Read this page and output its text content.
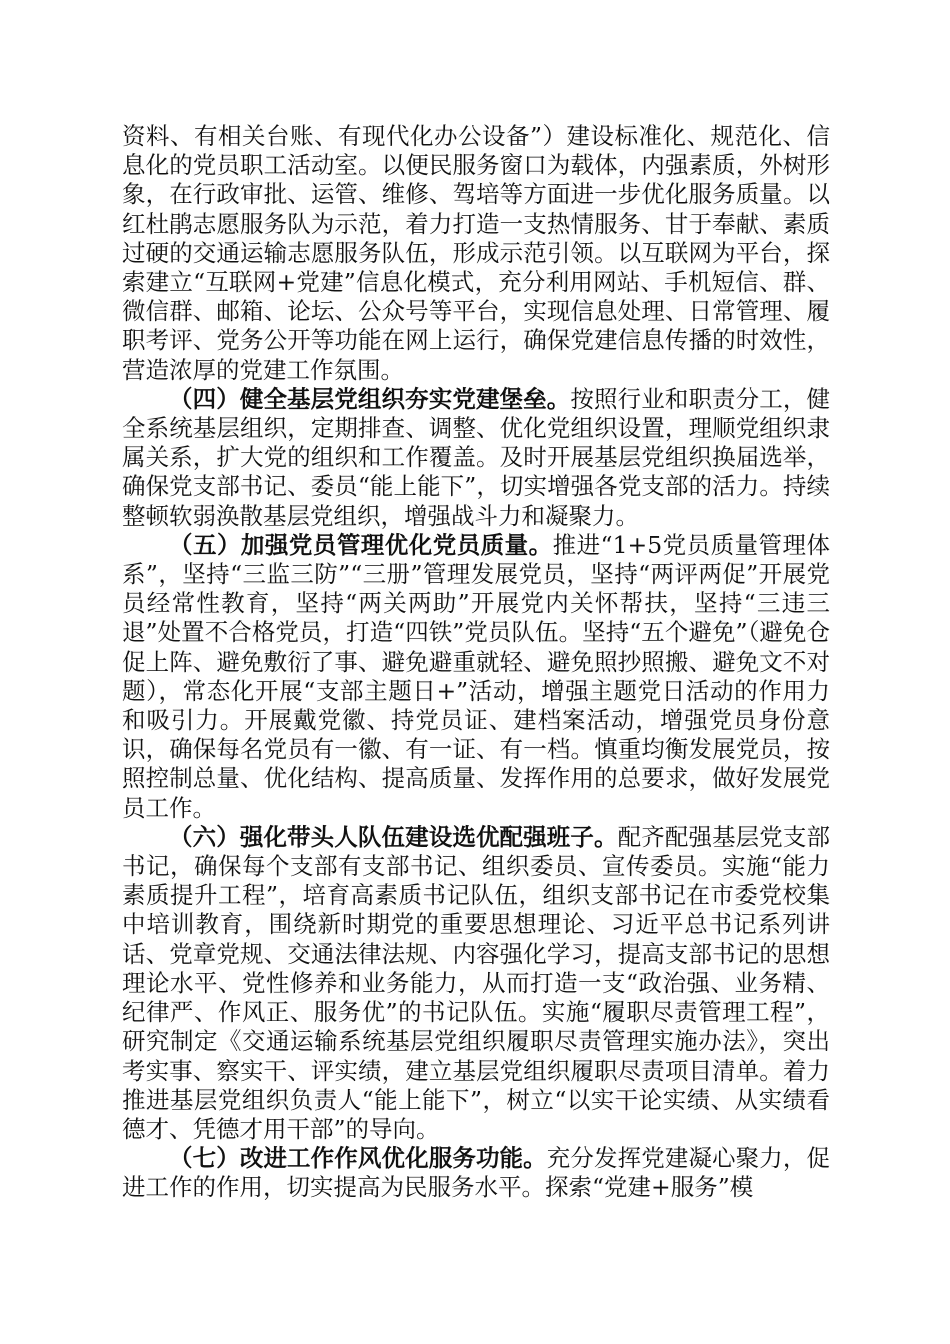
资料、有相关台账、有现代化办公设备”）建设标准化、规范化、信息化的党员职工活动室。以便民服务窗口为载体，内强素质，外树形象，在行政审批、运管、维修、驾培等方面进一步优化服务质量。以红杜鹃志愿服务队为示范，着力打造一支热情服务、甘于奉献、素质过硬的交通运输志愿服务队伍，形成示范引领。以互联网为平台，探索建立“互联网+党建”信息化模式，充分利用网站、手机短信、群、微信群、邮箱、论坛、公众号等平台，实现信息处理、日常管理、履职考评、党务公开等功能在网上运行，确保党建信息传播的时效性，营造浓厚的党建工作氛围。

（四）健全基层党组织夯实党建堡垒。按照行业和职责分工，健全系统基层组织，定期排查、调整、优化党组织设置，理顺党组织隶属关系，扩大党的组织和工作覆盖。及时开展基层党组织换届选举，确保党支部书记、委员“能上能下”，切实增强各党支部的活力。持续整顿软弱涣散基层党组织，增强战斗力和凝聚力。

（五）加强党员管理优化党员质量。推进“1+5党员质量管理体系”，坚持“三监三防”“三册”管理发展党员，坚持“两评两促”开展党员经常性教育，坚持“两关两助”开展党内关怀帮扶，坚持“三违三退”处置不合格党员，打造“四铁”党员队伍。坚持“五个避免”（避免仓促上阵、避免敷衍了事、避免避重就轻、避免照抄照搬、避免文不对题），常态化开展“支部主题日+”活动，增强主题党日活动的作用力和吸引力。开展戴党徽、持党员证、建档案活动，增强党员身份意识，确保每名党员有一徽、有一证、有一档。慎重均衡发展党员，按照控制总量、优化结构、提高质量、发挥作用的总要求，做好发展党员工作。

（六）强化带头人队伍建设选优配强班子。配齐配强基层党支部书记，确保每个支部有支部书记、组织委员、宣传委员。实施“能力素质提升工程”，培育高素质书记队伍，组织支部书记在市委党校集中培训教育，围绕新时期党的重要思想理论、习近平总书记系列讲话、党章党规、交通法律法规、内容强化学习，提高支部书记的思想理论水平、党性修养和业务能力，从而打造一支“政治强、业务精、纪律严、作风正、服务优”的书记队伍。实施“履职尽责管理工程”，研究制定《交通运输系统基层党组织履职尽责管理实施办法》，突出考实事、察实干、评实绩，建立基层党组织履职尽责项目清单。着力推进基层党组织负责人“能上能下”，树立“以实干论实绩、从实绩看德才、凭德才用干部”的导向。

（七）改进工作作风优化服务功能。充分发挥党建凝心聚力，促进工作的作用，切实提高为民服务水平。探索“党建+服务”模
